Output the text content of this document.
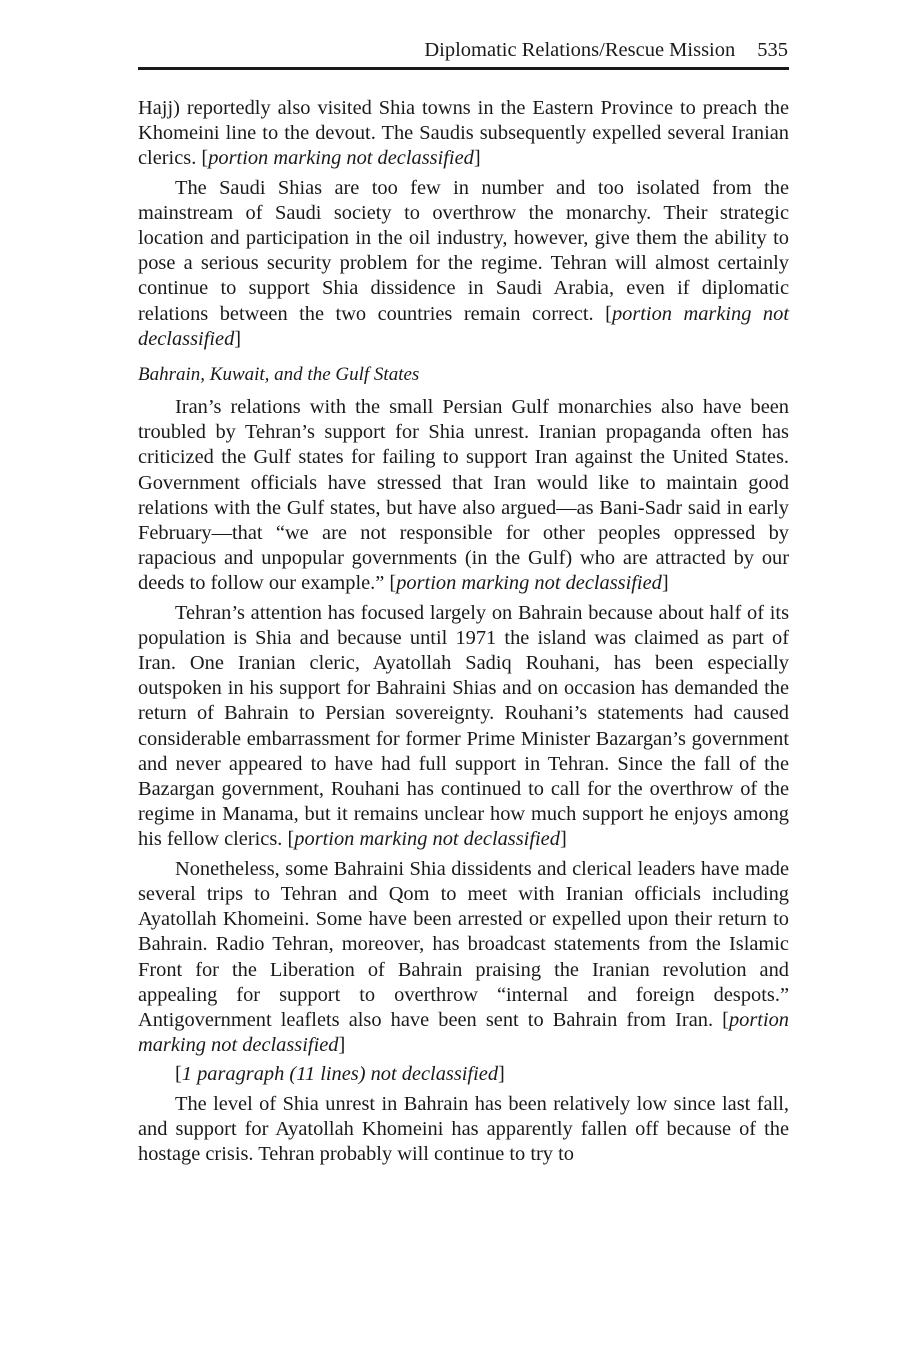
Diplomatic Relations/Rescue Mission 535

Hajj) reportedly also visited Shia towns in the Eastern Province to preach the Khomeini line to the devout. The Saudis subsequently expelled several Iranian clerics. [portion marking not declassified]

The Saudi Shias are too few in number and too isolated from the mainstream of Saudi society to overthrow the monarchy. Their strategic location and participation in the oil industry, however, give them the ability to pose a serious security problem for the regime. Tehran will almost certainly continue to support Shia dissidence in Saudi Arabia, even if diplomatic relations between the two countries remain correct. [portion marking not declassified]

Bahrain, Kuwait, and the Gulf States

Iran’s relations with the small Persian Gulf monarchies also have been troubled by Tehran’s support for Shia unrest. Iranian propaganda often has criticized the Gulf states for failing to support Iran against the United States. Government officials have stressed that Iran would like to maintain good relations with the Gulf states, but have also argued—as Bani-Sadr said in early February—that “we are not responsible for other peoples oppressed by rapacious and unpopular governments (in the Gulf) who are attracted by our deeds to follow our example.” [portion marking not declassified]

Tehran’s attention has focused largely on Bahrain because about half of its population is Shia and because until 1971 the island was claimed as part of Iran. One Iranian cleric, Ayatollah Sadiq Rouhani, has been especially outspoken in his support for Bahraini Shias and on occasion has demanded the return of Bahrain to Persian sovereignty. Rouhani’s statements had caused considerable embarrassment for former Prime Minister Bazargan’s government and never appeared to have had full support in Tehran. Since the fall of the Bazargan government, Rouhani has continued to call for the overthrow of the regime in Manama, but it remains unclear how much support he enjoys among his fellow clerics. [portion marking not declassified]

Nonetheless, some Bahraini Shia dissidents and clerical leaders have made several trips to Tehran and Qom to meet with Iranian officials including Ayatollah Khomeini. Some have been arrested or expelled upon their return to Bahrain. Radio Tehran, moreover, has broadcast statements from the Islamic Front for the Liberation of Bahrain praising the Iranian revolution and appealing for support to overthrow “internal and foreign despots.” Antigovernment leaflets also have been sent to Bahrain from Iran. [portion marking not declassified]

[1 paragraph (11 lines) not declassified]

The level of Shia unrest in Bahrain has been relatively low since last fall, and support for Ayatollah Khomeini has apparently fallen off because of the hostage crisis. Tehran probably will continue to try to
